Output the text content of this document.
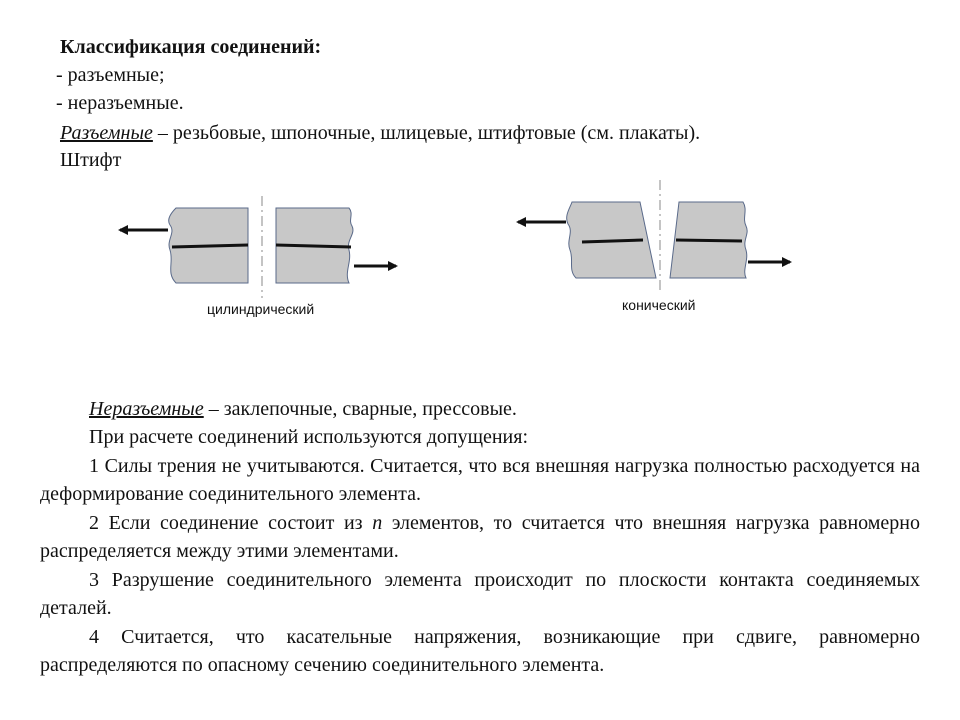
Классификация соединений:
- разъемные;
- неразъемные.
Разъемные – резьбовые, шпоночные, шлицевые, штифтовые (см. плакаты).
Штифт
цилиндрический	конический
Неразъемные – заклепочные, сварные, прессовые.
При расчете соединений используются допущения:
1 Силы трения не учитываются. Считается, что вся внешняя нагрузка полностью расходуется на деформирование соединительного элемента.
2 Если соединение состоит из n элементов, то считается что внешняя нагрузка равномерно распределяется между этими элементами.
3 Разрушение соединительного элемента происходит по плоскости контакта соединяемых деталей.
4 Считается, что касательные напряжения, возникающие при сдвиге, равномерно распределяются по опасному сечению соединительного элемента.
